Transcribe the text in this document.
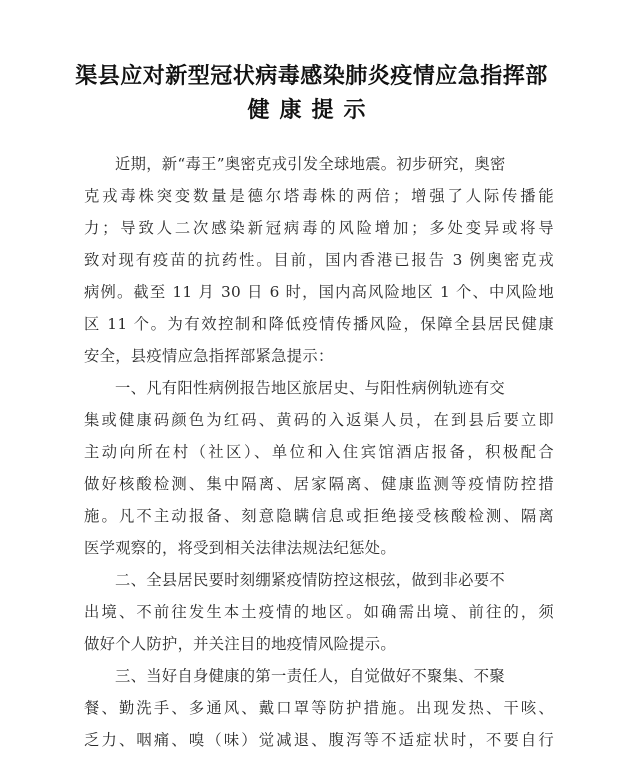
渠县应对新型冠状病毒感染肺炎疫情应急指挥部
健康提示
近期，新“毒王”奥密克戎引发全球地震。初步研究，奥密
克戎毒株突变数量是德尔塔毒株的两倍；增强了人际传播能
力；导致人二次感染新冠病毒的风险增加；多处变异或将导
致对现有疫苗的抗药性。目前，国内香港已报告 3 例奥密克戎
病例。截至 11 月 30 日 6 时，国内高风险地区 1 个、中风险地
区 11 个。为有效控制和降低疫情传播风险，保障全县居民健康
安全，县疫情应急指挥部紧急提示：
一、凡有阳性病例报告地区旅居史、与阳性病例轨迹有交
集或健康码颜色为红码、黄码的入返渠人员，在到县后要立即
主动向所在村（社区）、单位和入住宾馆酒店报备，积极配合
做好核酸检测、集中隔离、居家隔离、健康监测等疫情防控措
施。凡不主动报备、刻意隐瞒信息或拒绝接受核酸检测、隔离
医学观察的，将受到相关法律法规法纪惩处。
二、全县居民要时刻绷紧疫情防控这根弦，做到非必要不
出境、不前往发生本土疫情的地区。如确需出境、前往的，须
做好个人防护，并关注目的地疫情风险提示。
三、当好自身健康的第一责任人，自觉做好不聚集、不聚
餐、勤洗手、多通风、戴口罩等防护措施。出现发热、干咳、
乏力、咽痛、嗅（味）觉减退、腹泻等不适症状时，不要自行
